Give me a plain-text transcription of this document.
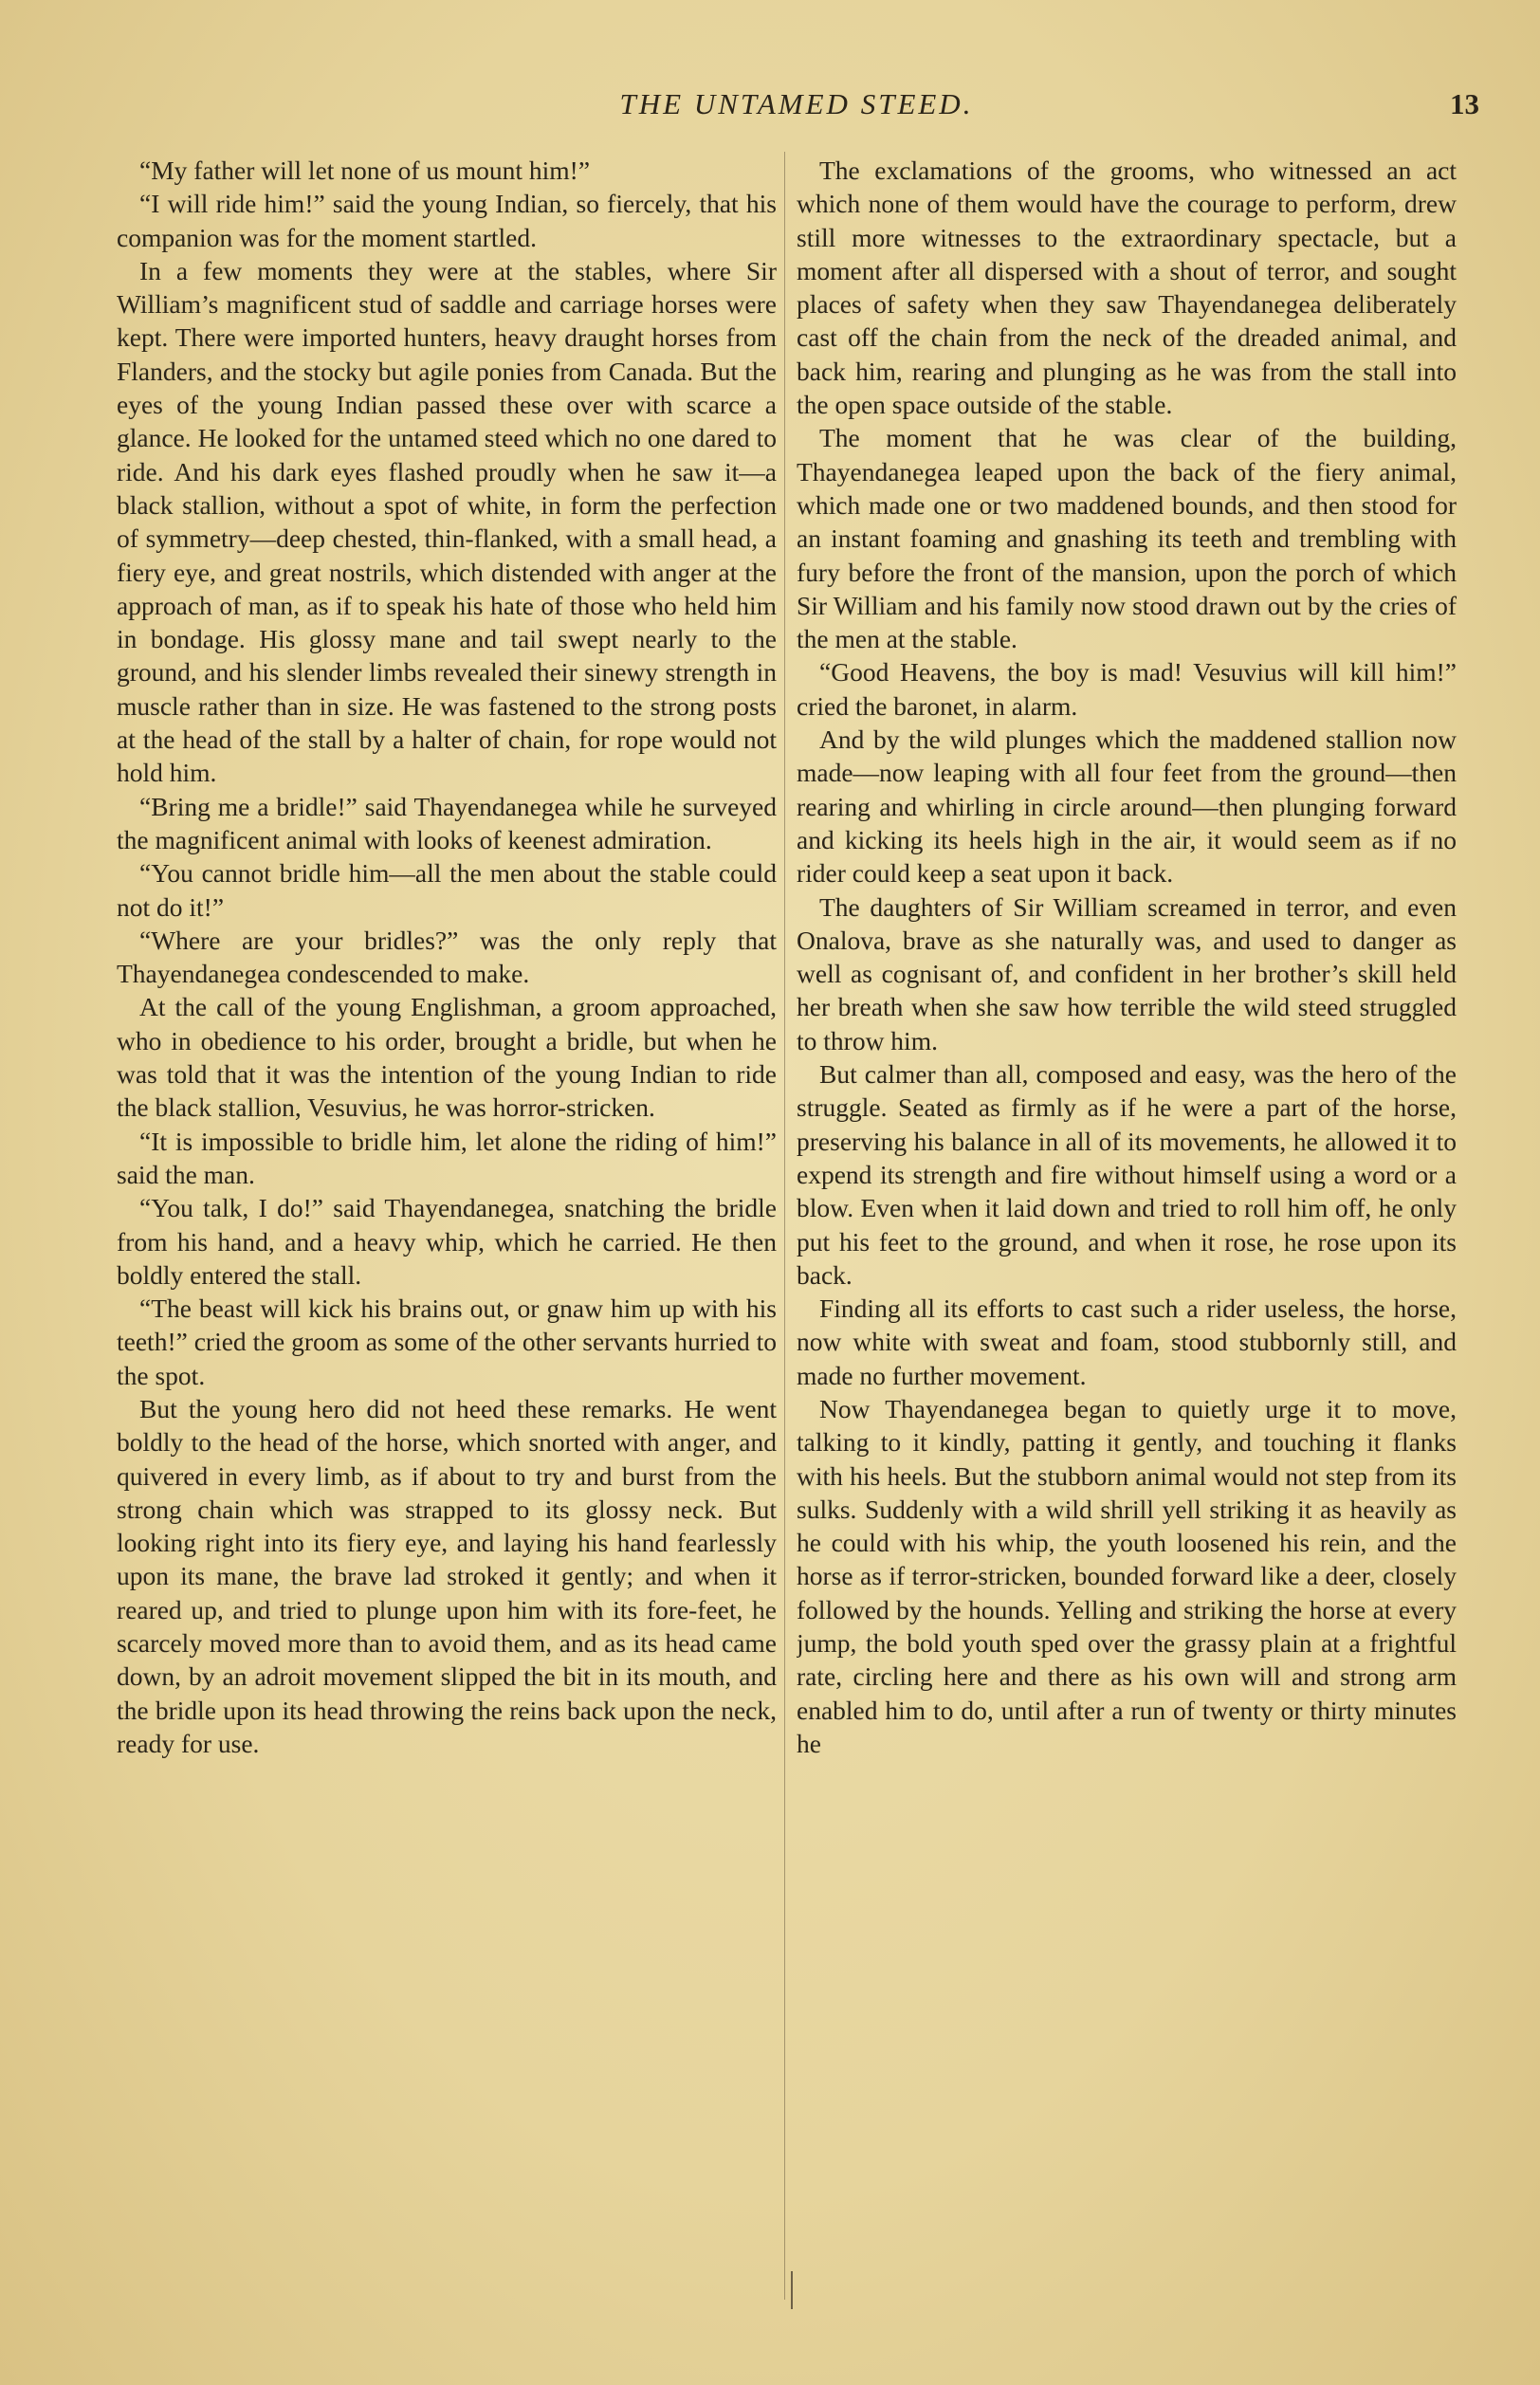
THE UNTAMED STEED.	13

“My father will let none of us mount him!”

“I will ride him!” said the young Indian, so fiercely, that his companion was for the moment startled.

In a few moments they were at the stables, where Sir William’s magnificent stud of saddle and carriage horses were kept. There were imported hunters, heavy draught horses from Flanders, and the stocky but agile ponies from Canada. But the eyes of the young Indian passed these over with scarce a glance. He looked for the untamed steed which no one dared to ride. And his dark eyes flashed proudly when he saw it—a black stallion, without a spot of white, in form the perfection of symmetry—deep chested, thin-flanked, with a small head, a fiery eye, and great nostrils, which distended with anger at the approach of man, as if to speak his hate of those who held him in bondage. His glossy mane and tail swept nearly to the ground, and his slender limbs revealed their sinewy strength in muscle rather than in size. He was fastened to the strong posts at the head of the stall by a halter of chain, for rope would not hold him.

“Bring me a bridle!” said Thayendanegea while he surveyed the magnificent animal with looks of keenest admiration.

“You cannot bridle him—all the men about the stable could not do it!”

“Where are your bridles?” was the only reply that Thayendanegea condescended to make.

At the call of the young Englishman, a groom approached, who in obedience to his order, brought a bridle, but when he was told that it was the intention of the young Indian to ride the black stallion, Vesuvius, he was horror-stricken.

“It is impossible to bridle him, let alone the riding of him!” said the man.

“You talk, I do!” said Thayendanegea, snatching the bridle from his hand, and a heavy whip, which he carried. He then boldly entered the stall.

“The beast will kick his brains out, or gnaw him up with his teeth!” cried the groom as some of the other servants hurried to the spot.

But the young hero did not heed these remarks. He went boldly to the head of the horse, which snorted with anger, and quivered in every limb, as if about to try and burst from the strong chain which was strapped to its glossy neck. But looking right into its fiery eye, and laying his hand fearlessly upon its mane, the brave lad stroked it gently; and when it reared up, and tried to plunge upon him with its fore-feet, he scarcely moved more than to avoid them, and as its head came down, by an adroit movement slipped the bit in its mouth, and the bridle upon its head throwing the reins back upon the neck, ready for use.

The exclamations of the grooms, who witnessed an act which none of them would have the courage to perform, drew still more witnesses to the extraordinary spectacle, but a moment after all dispersed with a shout of terror, and sought places of safety when they saw Thayendanegea deliberately cast off the chain from the neck of the dreaded animal, and back him, rearing and plunging as he was from the stall into the open space outside of the stable.

The moment that he was clear of the building, Thayendanegea leaped upon the back of the fiery animal, which made one or two maddened bounds, and then stood for an instant foaming and gnashing its teeth and trembling with fury before the front of the mansion, upon the porch of which Sir William and his family now stood drawn out by the cries of the men at the stable.

“Good Heavens, the boy is mad! Vesuvius will kill him!” cried the baronet, in alarm.

And by the wild plunges which the maddened stallion now made—now leaping with all four feet from the ground—then rearing and whirling in circle around—then plunging forward and kicking its heels high in the air, it would seem as if no rider could keep a seat upon it back.

The daughters of Sir William screamed in terror, and even Onalova, brave as she naturally was, and used to danger as well as cognisant of, and confident in her brother’s skill held her breath when she saw how terrible the wild steed struggled to throw him.

But calmer than all, composed and easy, was the hero of the struggle. Seated as firmly as if he were a part of the horse, preserving his balance in all of its movements, he allowed it to expend its strength and fire without himself using a word or a blow. Even when it laid down and tried to roll him off, he only put his feet to the ground, and when it rose, he rose upon its back.

Finding all its efforts to cast such a rider useless, the horse, now white with sweat and foam, stood stubbornly still, and made no further movement.

Now Thayendanegea began to quietly urge it to move, talking to it kindly, patting it gently, and touching it flanks with his heels. But the stubborn animal would not step from its sulks. Suddenly with a wild shrill yell striking it as heavily as he could with his whip, the youth loosened his rein, and the horse as if terror-stricken, bounded forward like a deer, closely followed by the hounds. Yelling and striking the horse at every jump, the bold youth sped over the grassy plain at a frightful rate, circling here and there as his own will and strong arm enabled him to do, until after a run of twenty or thirty minutes he
